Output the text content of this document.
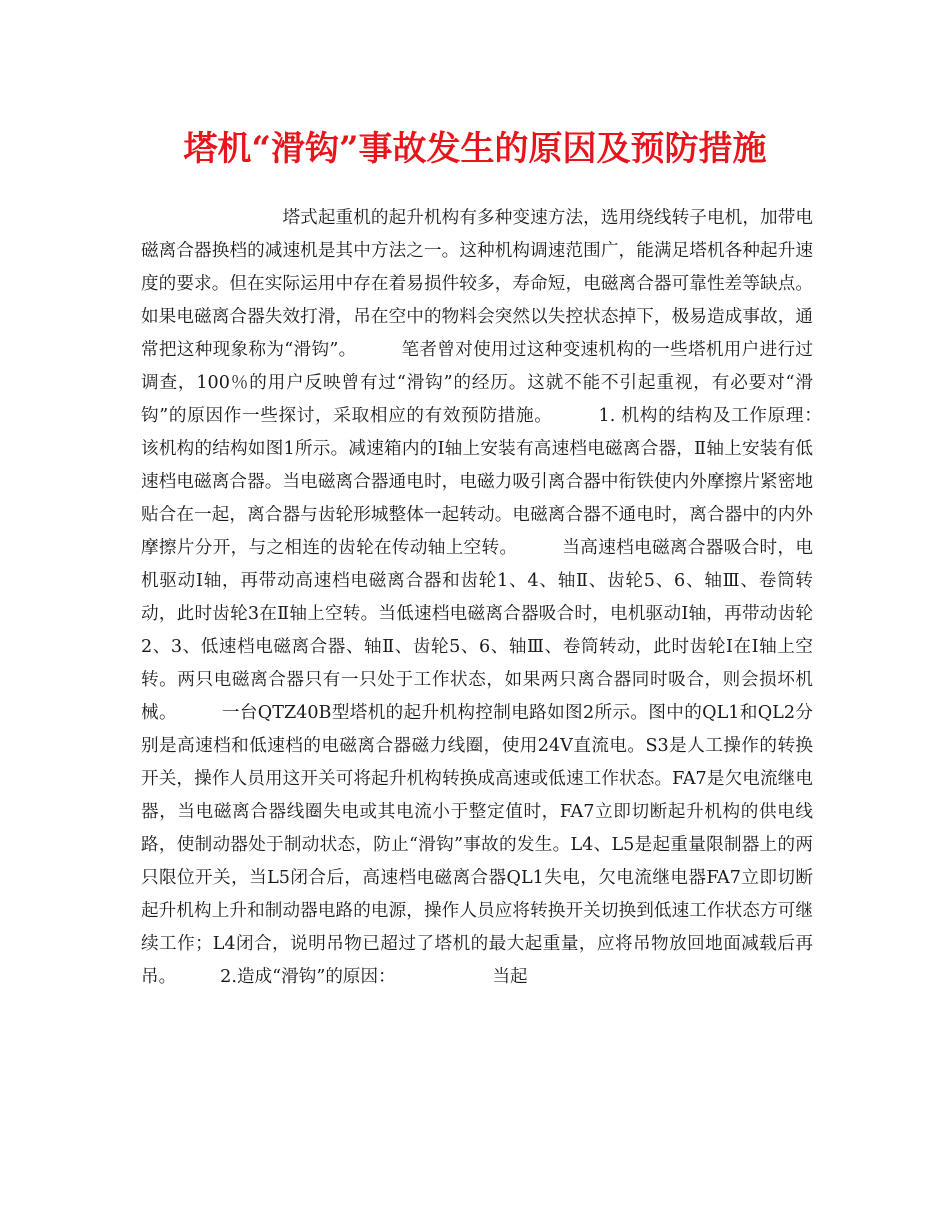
塔机“滑钩”事故发生的原因及预防措施

　　　　　　　　塔式起重机的起升机构有多种变速方法，选用绕线转子电机，加带电磁离合器换档的减速机是其中方法之一。这种机构调速范围广，能满足塔机各种起升速度的要求。但在实际运用中存在着易损件较多，寿命短，电磁离合器可靠性差等缺点。如果电磁离合器失效打滑，吊在空中的物料会突然以失控状态掉下，极易造成事故，通常把这种现象称为“滑钩”。　　　笔者曾对使用过这种变速机构的一些塔机用户进行过调查，100％的用户反映曾有过“滑钩”的经历。这就不能不引起重视，有必要对“滑钩”的原因作一些探讨，采取相应的有效预防措施。　　　1. 机构的结构及工作原理：　　　该机构的结构如图1所示。减速箱内的Ⅰ轴上安装有高速档电磁离合器，Ⅱ轴上安装有低速档电磁离合器。当电磁离合器通电时，电磁力吸引离合器中衔铁使内外摩擦片紧密地贴合在一起，离合器与齿轮形城整体一起转动。电磁离合器不通电时，离合器中的内外摩擦片分开，与之相连的齿轮在传动轴上空转。　　　当高速档电磁离合器吸合时，电机驱动Ⅰ轴，再带动高速档电磁离合器和齿轮1、4、轴Ⅱ、齿轮5、6、轴Ⅲ、卷筒转动，此时齿轮3在Ⅱ轴上空转。当低速档电磁离合器吸合时，电机驱动Ⅰ轴，再带动齿轮2、3、低速档电磁离合器、轴Ⅱ、齿轮5、6、轴Ⅲ、卷筒转动，此时齿轮Ⅰ在Ⅰ轴上空转。两只电磁离合器只有一只处于工作状态，如果两只离合器同时吸合，则会损坏机械。　　　一台QTZ40B型塔机的起升机构控制电路如图2所示。图中的QL1和QL2分别是高速档和低速档的电磁离合器磁力线圈，使用24V直流电。S3是人工操作的转换开关，操作人员用这开关可将起升机构转换成高速或低速工作状态。FA7是欠电流继电器，当电磁离合器线圈失电或其电流小于整定值时，FA7立即切断起升机构的供电线路，使制动器处于制动状态，防止“滑钩”事故的发生。L4、L5是起重量限制器上的两只限位开关，当L5闭合后，高速档电磁离合器QL1失电，欠电流继电器FA7立即切断起升机构上升和制动器电路的电源，操作人员应将转换开关切换到低速工作状态方可继续工作；L4闭合，说明吊物已超过了塔机的最大起重量，应将吊物放回地面减载后再吊。　　　2.造成“滑钩”的原因：　　　　　　当起
